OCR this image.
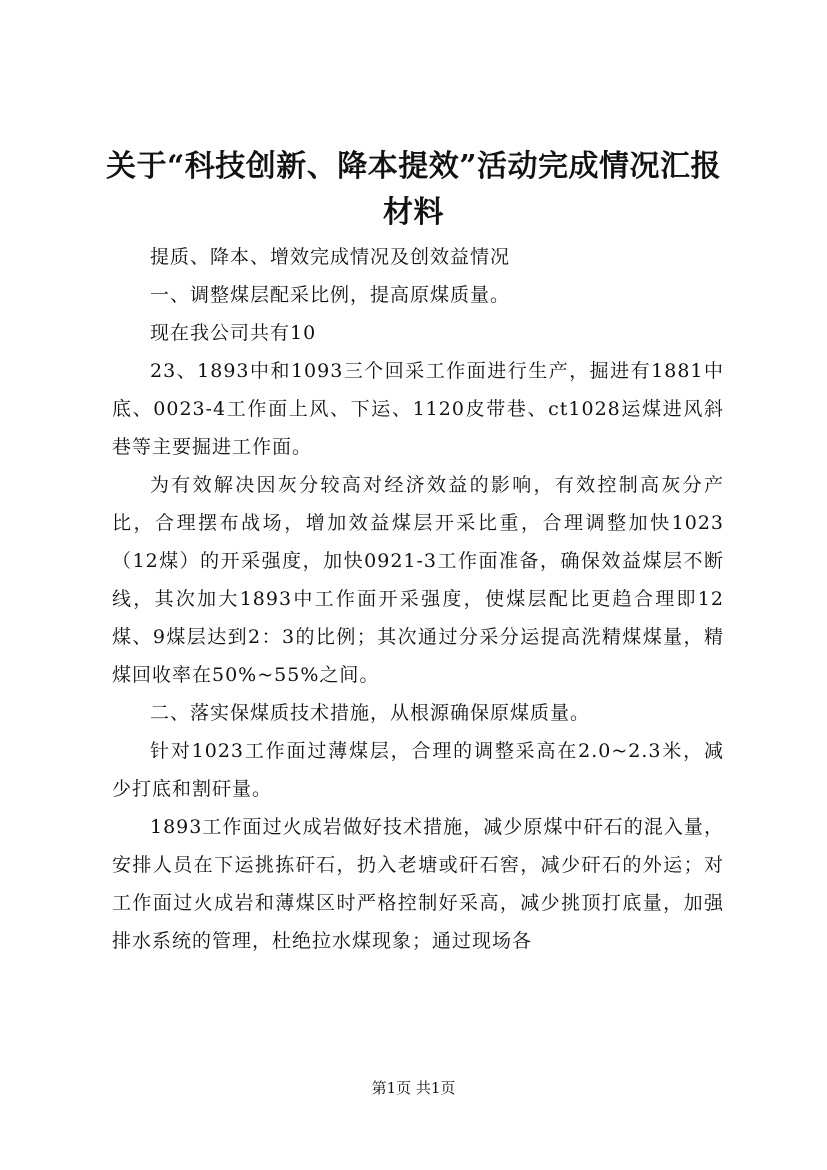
关于“科技创新、降本提效”活动完成情况汇报材料

提质、降本、增效完成情况及创效益情况

一、调整煤层配采比例，提高原煤质量。

现在我公司共有10

23、1893中和1093三个回采工作面进行生产，掘进有1881中底、0023-4工作面上风、下运、1120皮带巷、ct1028运煤进风斜巷等主要掘进工作面。

为有效解决因灰分较高对经济效益的影响，有效控制高灰分产比，合理摆布战场，增加效益煤层开采比重，合理调整加快1023（12煤）的开采强度，加快0921-3工作面准备，确保效益煤层不断线，其次加大1893中工作面开采强度，使煤层配比更趋合理即12煤、9煤层达到2：3的比例；其次通过分采分运提高洗精煤煤量，精煤回收率在50%~55%之间。

二、落实保煤质技术措施，从根源确保原煤质量。

针对1023工作面过薄煤层，合理的调整采高在2.0~2.3米，减少打底和割矸量。

1893工作面过火成岩做好技术措施，减少原煤中矸石的混入量，安排人员在下运挑拣矸石，扔入老塘或矸石窖，减少矸石的外运；对工作面过火成岩和薄煤区时严格控制好采高，减少挑顶打底量，加强排水系统的管理，杜绝拉水煤现象；通过现场各

第1页 共1页
